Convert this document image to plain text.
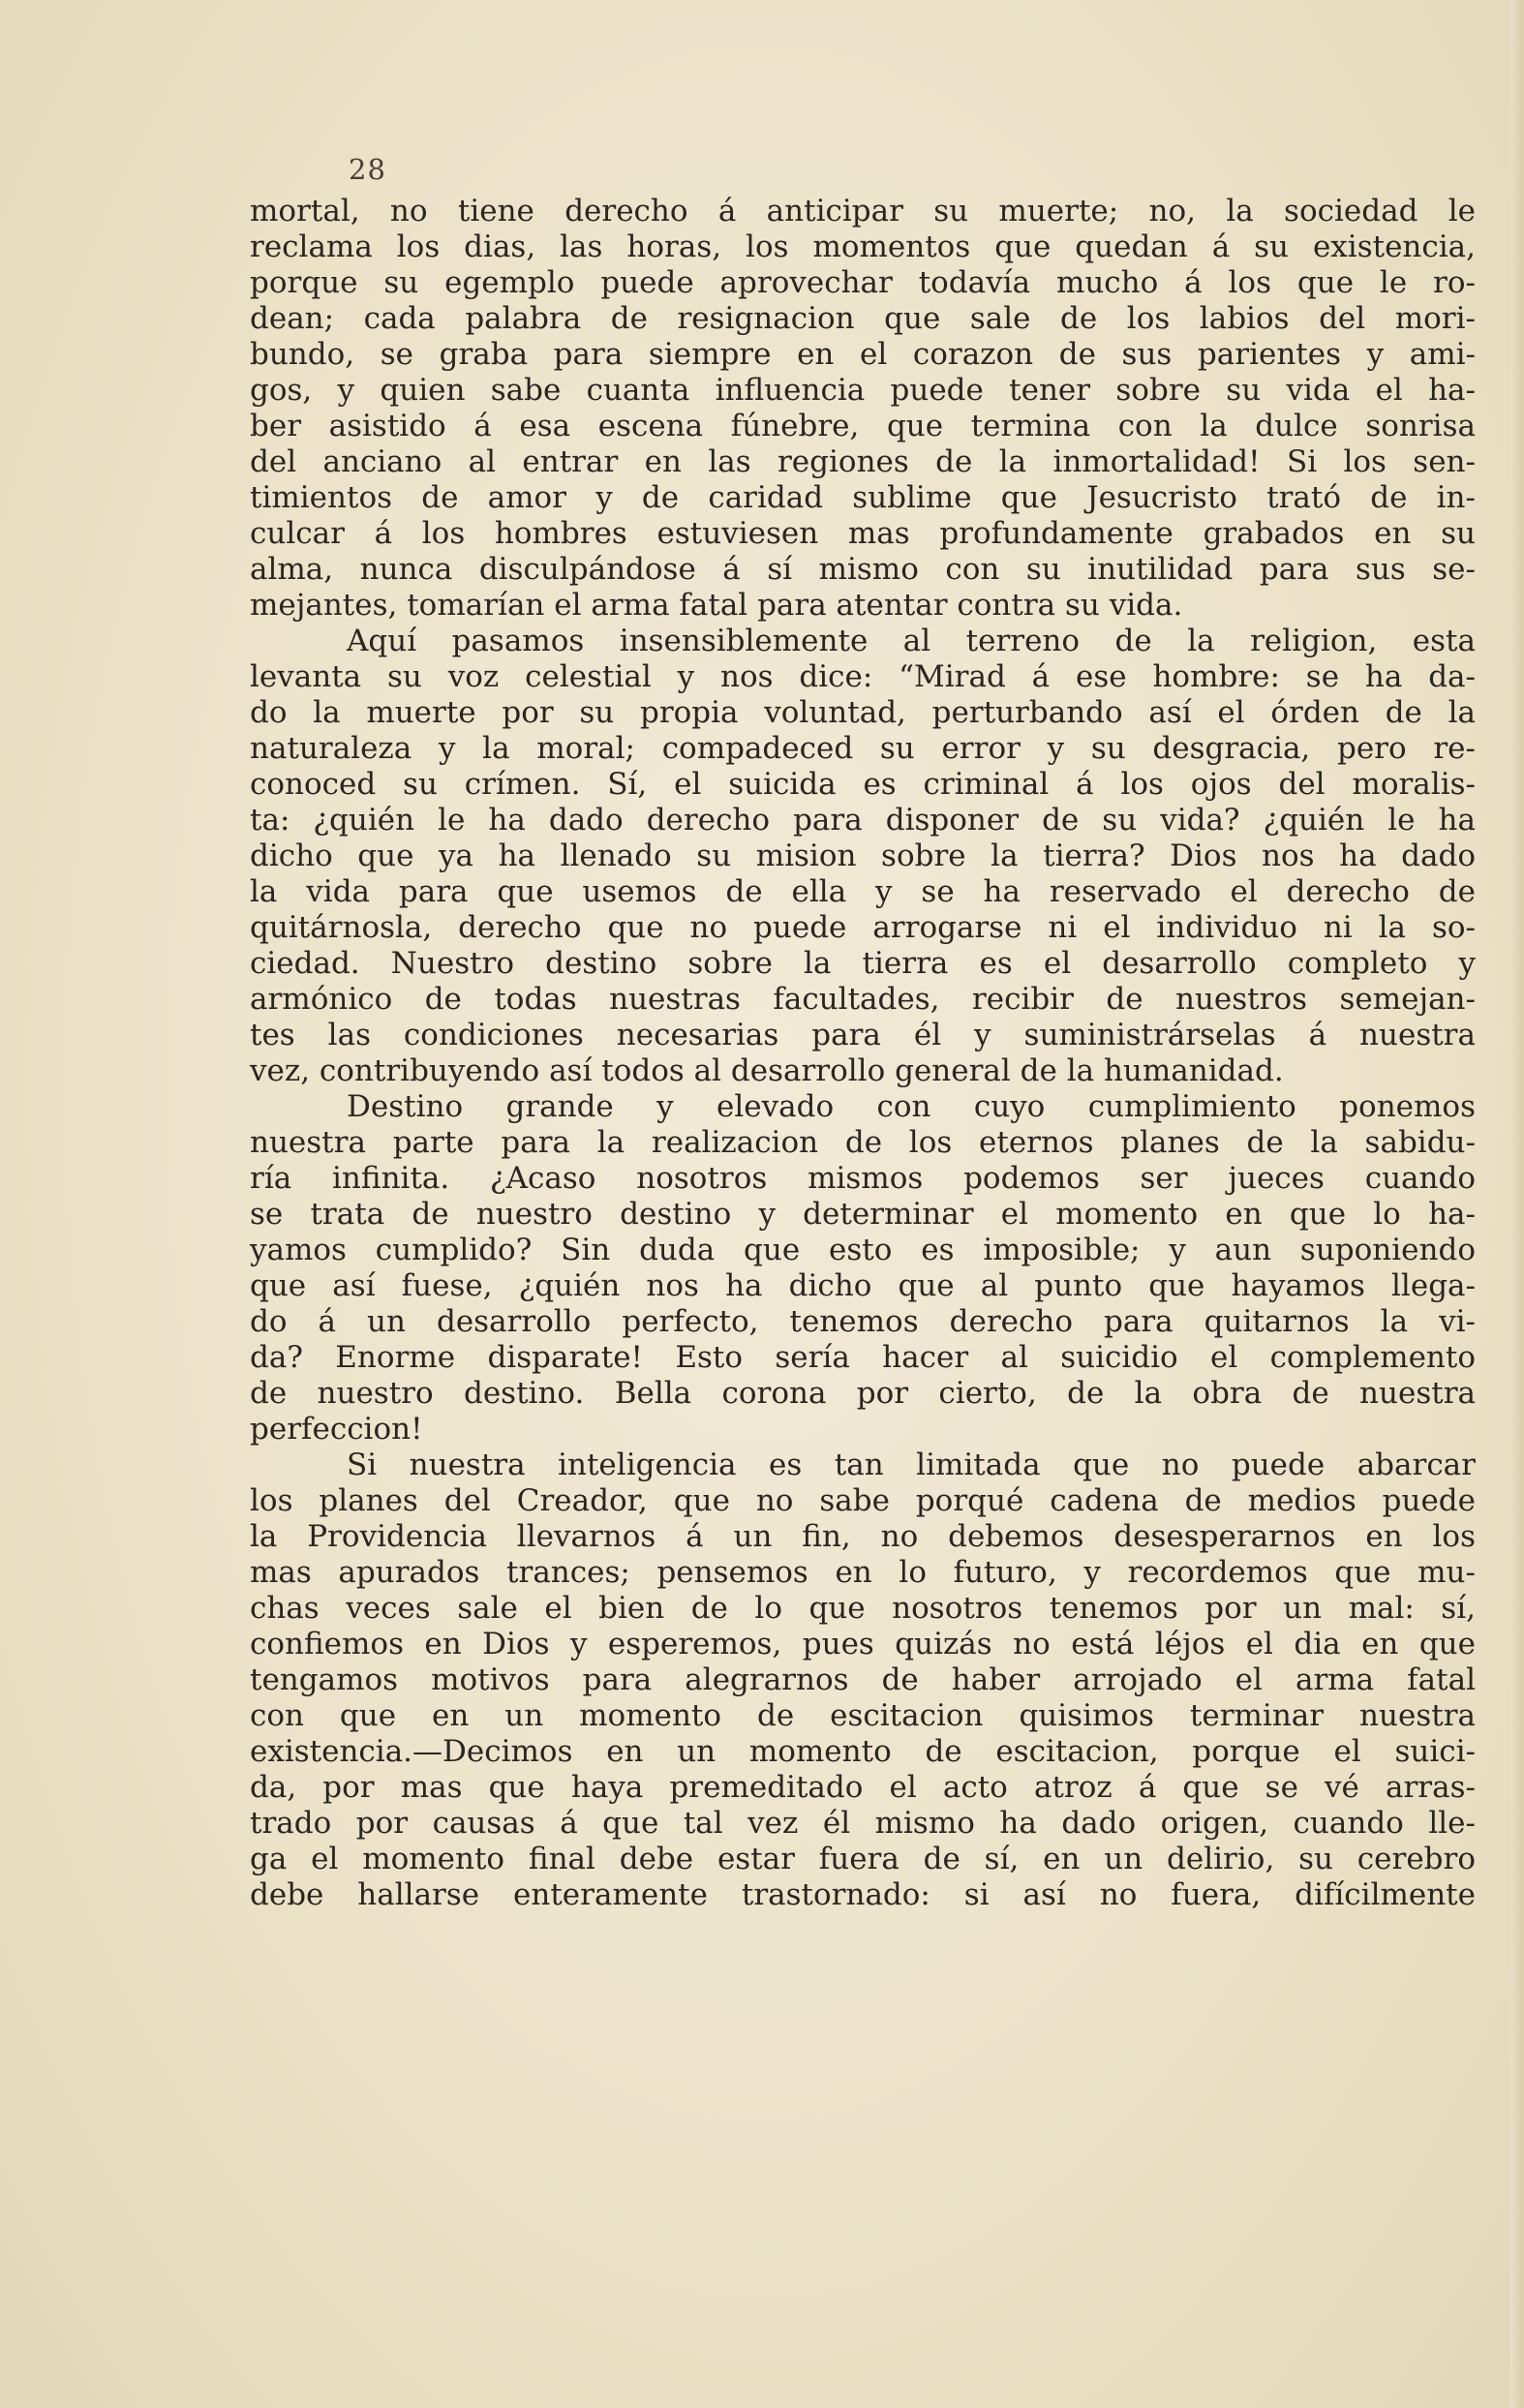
28
mortal, no tiene derecho á anticipar su muerte; no, la sociedad le
reclama los dias, las horas, los momentos que quedan á su existencia,
porque su egemplo puede aprovechar todavía mucho á los que le ro-
dean; cada palabra de resignacion que sale de los labios del mori-
bundo, se graba para siempre en el corazon de sus parientes y ami-
gos, y quien sabe cuanta influencia puede tener sobre su vida el ha-
ber asistido á esa escena fúnebre, que termina con la dulce sonrisa
del anciano al entrar en las regiones de la inmortalidad! Si los sen-
timientos de amor y de caridad sublime que Jesucristo trató de in-
culcar á los hombres estuviesen mas profundamente grabados en su
alma, nunca disculpándose á sí mismo con su inutilidad para sus se-
mejantes, tomarían el arma fatal para atentar contra su vida.
Aquí pasamos insensiblemente al terreno de la religion, esta
levanta su voz celestial y nos dice: “Mirad á ese hombre: se ha da-
do la muerte por su propia voluntad, perturbando así el órden de la
naturaleza y la moral; compadeced su error y su desgracia, pero re-
conoced su crímen. Sí, el suicida es criminal á los ojos del moralis-
ta: ¿quién le ha dado derecho para disponer de su vida? ¿quién le ha
dicho que ya ha llenado su mision sobre la tierra? Dios nos ha dado
la vida para que usemos de ella y se ha reservado el derecho de
quitárnosla, derecho que no puede arrogarse ni el individuo ni la so-
ciedad. Nuestro destino sobre la tierra es el desarrollo completo y
armónico de todas nuestras facultades, recibir de nuestros semejan-
tes las condiciones necesarias para él y suministrárselas á nuestra
vez, contribuyendo así todos al desarrollo general de la humanidad.
Destino grande y elevado con cuyo cumplimiento ponemos
nuestra parte para la realizacion de los eternos planes de la sabidu-
ría infinita. ¿Acaso nosotros mismos podemos ser jueces cuando
se trata de nuestro destino y determinar el momento en que lo ha-
yamos cumplido? Sin duda que esto es imposible; y aun suponiendo
que así fuese, ¿quién nos ha dicho que al punto que hayamos llega-
do á un desarrollo perfecto, tenemos derecho para quitarnos la vi-
da? Enorme disparate! Esto sería hacer al suicidio el complemento
de nuestro destino. Bella corona por cierto, de la obra de nuestra
perfeccion!
Si nuestra inteligencia es tan limitada que no puede abarcar
los planes del Creador, que no sabe porqué cadena de medios puede
la Providencia llevarnos á un fin, no debemos desesperarnos en los
mas apurados trances; pensemos en lo futuro, y recordemos que mu-
chas veces sale el bien de lo que nosotros tenemos por un mal: sí,
confiemos en Dios y esperemos, pues quizás no está léjos el dia en que
tengamos motivos para alegrarnos de haber arrojado el arma fatal
con que en un momento de escitacion quisimos terminar nuestra
existencia.—Decimos en un momento de escitacion, porque el suici-
da, por mas que haya premeditado el acto atroz á que se vé arras-
trado por causas á que tal vez él mismo ha dado origen, cuando lle-
ga el momento final debe estar fuera de sí, en un delirio, su cerebro
debe hallarse enteramente trastornado: si así no fuera, difícilmente
